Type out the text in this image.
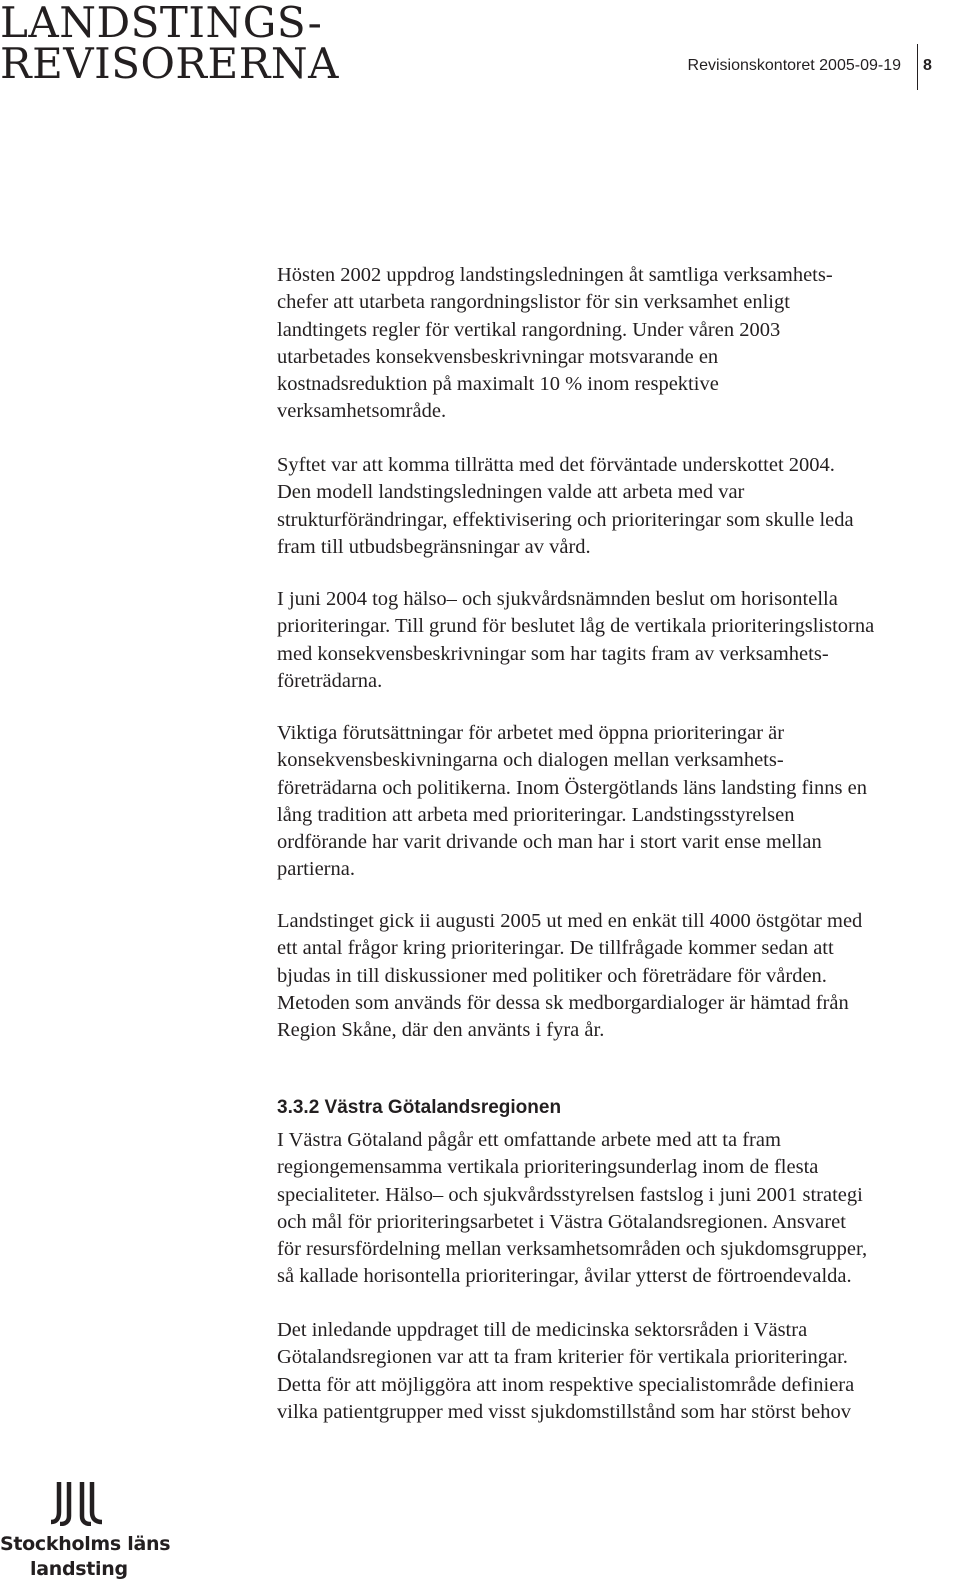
LANDSTINGS-
REVISORERNA	Revisionskontoret 2005-09-19 8
Hösten 2002 uppdrog landstingsledningen åt samtliga verksamhets-
chefer att utarbeta rangordningslistor för sin verksamhet enligt
landtingets regler för vertikal rangordning. Under våren 2003
utarbetades konsekvensbeskrivningar motsvarande en
kostnadsreduktion på maximalt 10 % inom respektive
verksamhetsområde.
Syftet var att komma tillrätta med det förväntade underskottet 2004.
Den modell landstingsledningen valde att arbeta med var
strukturförändringar, effektivisering och prioriteringar som skulle leda
fram till utbudsbegränsningar av vård.
I juni 2004 tog hälso– och sjukvårdsnämnden beslut om horisontella
prioriteringar. Till grund för beslutet låg de vertikala prioriteringslistorna
med konsekvensbeskrivningar som har tagits fram av verksamhets-
företrädarna.
Viktiga förutsättningar för arbetet med öppna prioriteringar är
konsekvensbeskivningarna och dialogen mellan verksamhets-
företrädarna och politikerna. Inom Östergötlands läns landsting finns en
lång tradition att arbeta med prioriteringar. Landstingsstyrelsen
ordförande har varit drivande och man har i stort varit ense mellan
partierna.
Landstinget gick ii augusti 2005 ut med en enkät till 4000 östgötar med
ett antal frågor kring prioriteringar. De tillfrågade kommer sedan att
bjudas in till diskussioner med politiker och företrädare för vården.
Metoden som används för dessa sk medborgardialoger är hämtad från
Region Skåne, där den använts i fyra år.
3.3.2 Västra Götalandsregionen
I Västra Götaland pågår ett omfattande arbete med att ta fram
regiongemensamma vertikala prioriteringsunderlag inom de flesta
specialiteter. Hälso– och sjukvårdsstyrelsen fastslog i juni 2001 strategi
och mål för prioriteringsarbetet i Västra Götalandsregionen. Ansvaret
för resursfördelning mellan verksamhetsområden och sjukdomsgrupper,
så kallade horisontella prioriteringar, åvilar ytterst de förtroendevalda.
Det inledande uppdraget till de medicinska sektorsråden i Västra
Götalandsregionen var att ta fram kriterier för vertikala prioriteringar.
Detta för att möjliggöra att inom respektive specialistområde definiera
vilka patientgrupper med visst sjukdomstillstånd som har störst behov
Stockholms läns
landsting
